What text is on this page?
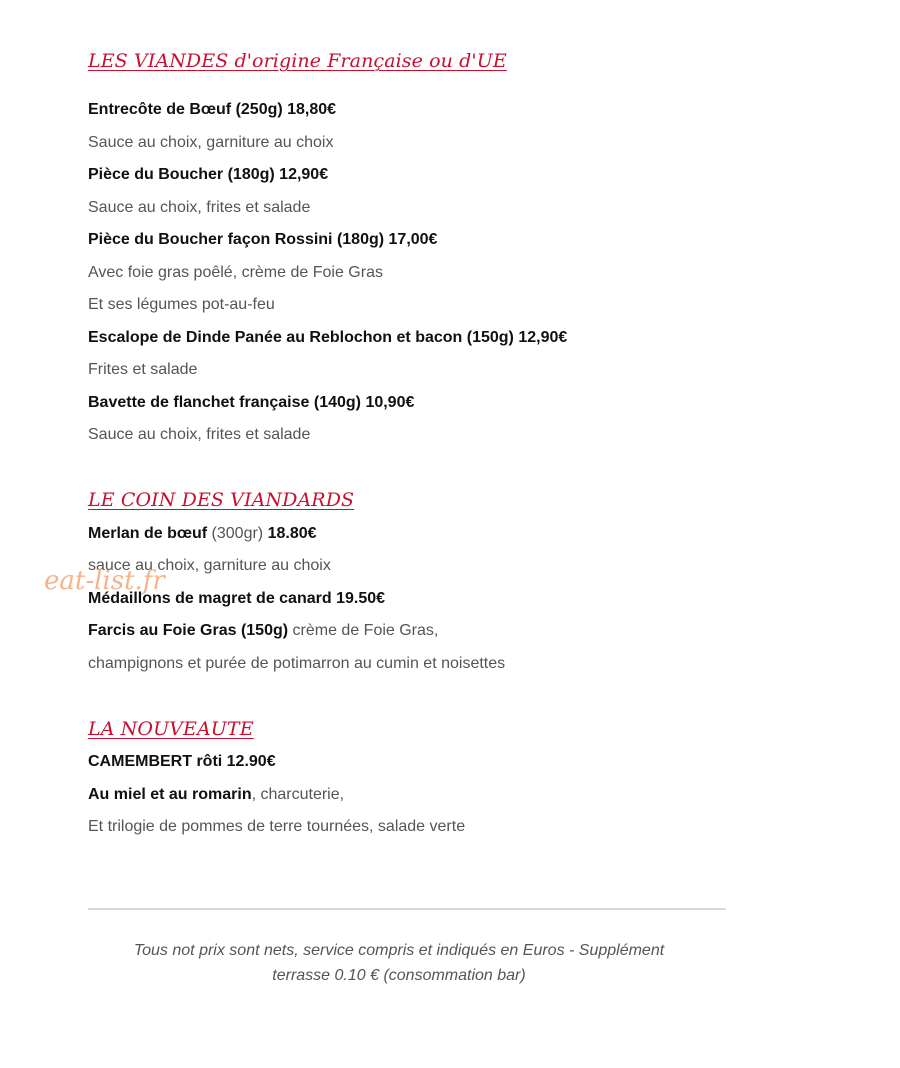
LES VIANDES d'origine Française ou d'UE
Entrecôte de Bœuf (250g) 18,80€
Sauce au choix, garniture au choix
Pièce du Boucher (180g) 12,90€
Sauce au choix, frites et salade
Pièce du Boucher façon Rossini (180g) 17,00€
Avec foie gras poêlé, crème de Foie Gras
Et ses légumes pot-au-feu
Escalope de Dinde Panée au Reblochon et bacon (150g) 12,90€
Frites et salade
Bavette de flanchet française (140g) 10,90€
Sauce au choix, frites et salade
LE COIN DES VIANDARDS
Merlan de bœuf (300gr) 18.80€
sauce au choix, garniture au choix
Médaillons de magret de canard 19.50€
Farcis au Foie Gras (150g) crème de Foie Gras,
champignons et purée de potimarron au cumin et noisettes
LA NOUVEAUTE
CAMEMBERT rôti 12.90€
Au miel et au romarin, charcuterie,
Et trilogie de pommes de terre tournées, salade verte
eat-list.fr
Tous not prix sont nets, service compris et indiqués en Euros - Supplément
terrasse 0.10 € (consommation bar)
